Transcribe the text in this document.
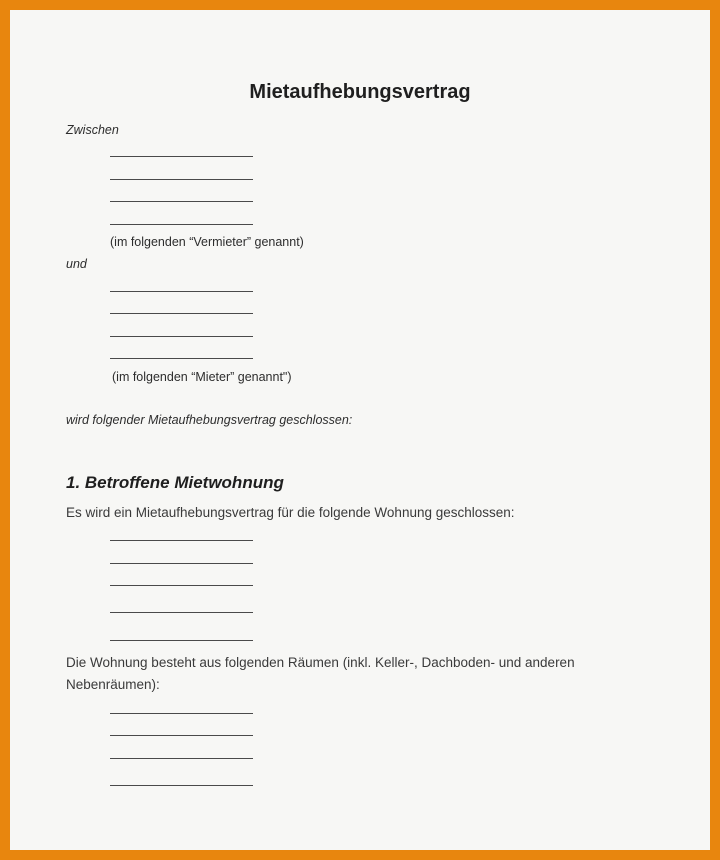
Mietaufhebungsvertrag
Zwischen
(im folgenden “Vermieter” genannt)
und
(im folgenden “Mieter” genannt")
wird folgender Mietaufhebungsvertrag geschlossen:
1. Betroffene Mietwohnung
Es wird ein Mietaufhebungsvertrag für die folgende Wohnung geschlossen:
Die Wohnung besteht aus folgenden Räumen (inkl. Keller-, Dachboden- und anderen
Nebenräumen):
